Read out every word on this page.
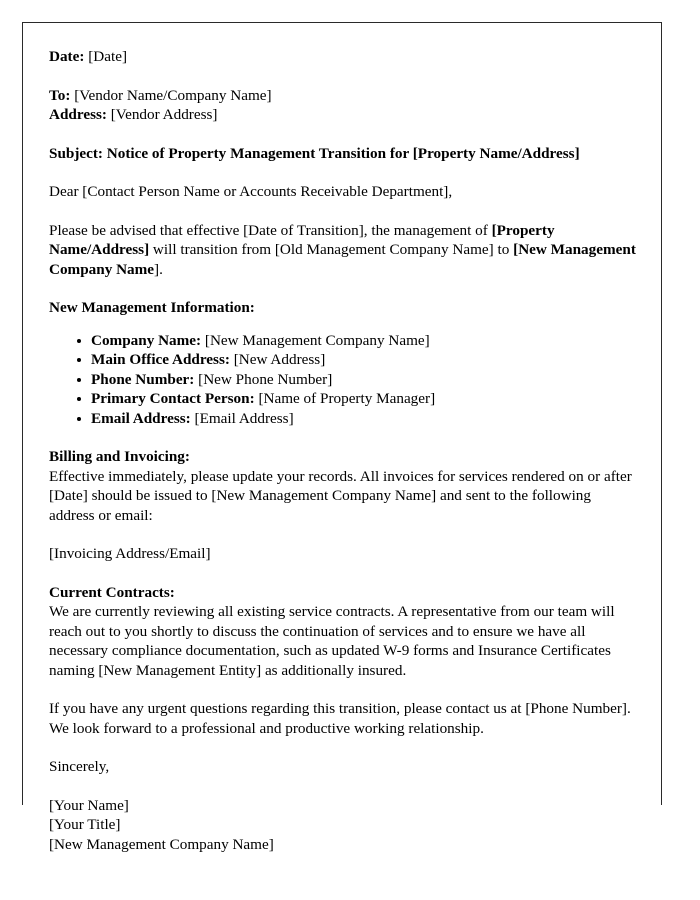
Date: [Date]
To: [Vendor Name/Company Name]
Address: [Vendor Address]
Subject: Notice of Property Management Transition for [Property Name/Address]
Dear [Contact Person Name or Accounts Receivable Department],
Please be advised that effective [Date of Transition], the management of [Property Name/Address] will transition from [Old Management Company Name] to [New Management Company Name].
New Management Information:
Company Name: [New Management Company Name]
Main Office Address: [New Address]
Phone Number: [New Phone Number]
Primary Contact Person: [Name of Property Manager]
Email Address: [Email Address]
Billing and Invoicing:
Effective immediately, please update your records. All invoices for services rendered on or after [Date] should be issued to [New Management Company Name] and sent to the following address or email:
[Invoicing Address/Email]
Current Contracts:
We are currently reviewing all existing service contracts. A representative from our team will reach out to you shortly to discuss the continuation of services and to ensure we have all necessary compliance documentation, such as updated W-9 forms and Insurance Certificates naming [New Management Entity] as additionally insured.
If you have any urgent questions regarding this transition, please contact us at [Phone Number]. We look forward to a professional and productive working relationship.
Sincerely,
[Your Name]
[Your Title]
[New Management Company Name]
